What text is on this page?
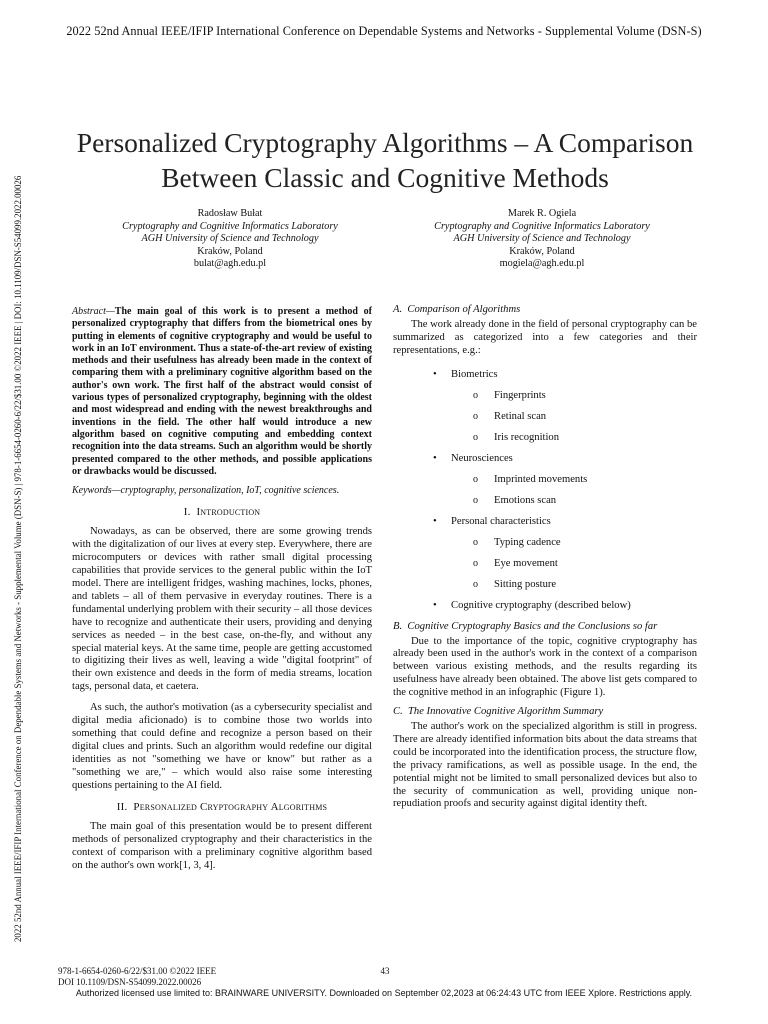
2022 52nd Annual IEEE/IFIP International Conference on Dependable Systems and Networks - Supplemental Volume (DSN-S)
2022 52nd Annual IEEE/IFIP International Conference on Dependable Systems and Networks - Supplemental Volume (DSN-S) | 978-1-6654-0260-6/22/$31.00 ©2022 IEEE | DOI: 10.1109/DSN-S54099.2022.00026
Personalized Cryptography Algorithms – A Comparison Between Classic and Cognitive Methods
Radosław Bułat
Cryptography and Cognitive Informatics Laboratory
AGH University of Science and Technology
Kraków, Poland
bulat@agh.edu.pl
Marek R. Ogiela
Cryptography and Cognitive Informatics Laboratory
AGH University of Science and Technology
Kraków, Poland
mogiela@agh.edu.pl

Abstract—The main goal of this work is to present a method of personalized cryptography that differs from the biometrical ones by putting in elements of cognitive cryptography and would be useful to work in an IoT environment. Thus a state-of-the-art review of existing methods and their usefulness has already been made in the context of comparing them with a preliminary cognitive algorithm based on the author's own work. The first half of the abstract would consist of various types of personalized cryptography, beginning with the oldest and most widespread and ending with the newest breakthroughs and inventions in the field. The other half would introduce a new algorithm based on cognitive computing and embedding context recognition into the data streams. Such an algorithm would be shortly presented compared to the other methods, and possible applications or drawbacks would be discussed.

Keywords—cryptography, personalization, IoT, cognitive sciences.

I. Introduction

Nowadays, as can be observed, there are some growing trends with the digitalization of our lives at every step. Everywhere, there are microcomputers or devices with rather small digital processing capabilities that provide services to the general public within the IoT model. There are intelligent fridges, washing machines, locks, phones, and tablets – all of them pervasive in everyday routines. There is a fundamental underlying problem with their security – all those devices have to recognize and authenticate their users, providing and denying services as needed – in the best case, on-the-fly, and without any special material keys. At the same time, people are getting accustomed to digitizing their lives as well, leaving a wide "digital footprint" of their own existence and deeds in the form of media streams, location tags, personal data, et caetera.

As such, the author's motivation (as a cybersecurity specialist and digital media aficionado) is to combine those two worlds into something that could define and recognize a person based on their digital clues and prints. Such an algorithm would redefine our digital identities as not "something we have or know" but rather as a "something we are," – which would also raise some interesting questions pertaining to the AI field.

II. Personalized Cryptography Algorithms

The main goal of this presentation would be to present different methods of personalized cryptography and their characteristics in the context of comparison with a preliminary cognitive algorithm based on the author's own work[1, 3, 4].

A. Comparison of Algorithms

The work already done in the field of personal cryptography can be summarized as categorized into a few categories and their representations, e.g.:

• Biometrics
o Fingerprints
o Retinal scan
o Iris recognition
• Neurosciences
o Imprinted movements
o Emotions scan
• Personal characteristics
o Typing cadence
o Eye movement
o Sitting posture
• Cognitive cryptography (described below)
B. Cognitive Cryptography Basics and the Conclusions so far

Due to the importance of the topic, cognitive cryptography has already been used in the author's work in the context of a comparison between various existing methods, and the results regarding its usefulness have already been obtained. The above list gets compared to the cognitive method in an infographic (Figure 1).

C. The Innovative Cognitive Algorithm Summary

The author's work on the specialized algorithm is still in progress. There are already identified information bits about the data streams that could be incorporated into the identification process, the structure flow, the privacy ramifications, as well as possible usage. In the end, the potential might not be limited to small personalized devices but also to the security of communication as well, providing unique non-repudiation proofs and security against digital identity theft.

978-1-6654-0260-6/22/$31.00 ©2022 IEEE
DOI 10.1109/DSN-S54099.2022.00026
43
Authorized licensed use limited to: BRAINWARE UNIVERSITY. Downloaded on September 02,2023 at 06:24:43 UTC from IEEE Xplore. Restrictions apply.
